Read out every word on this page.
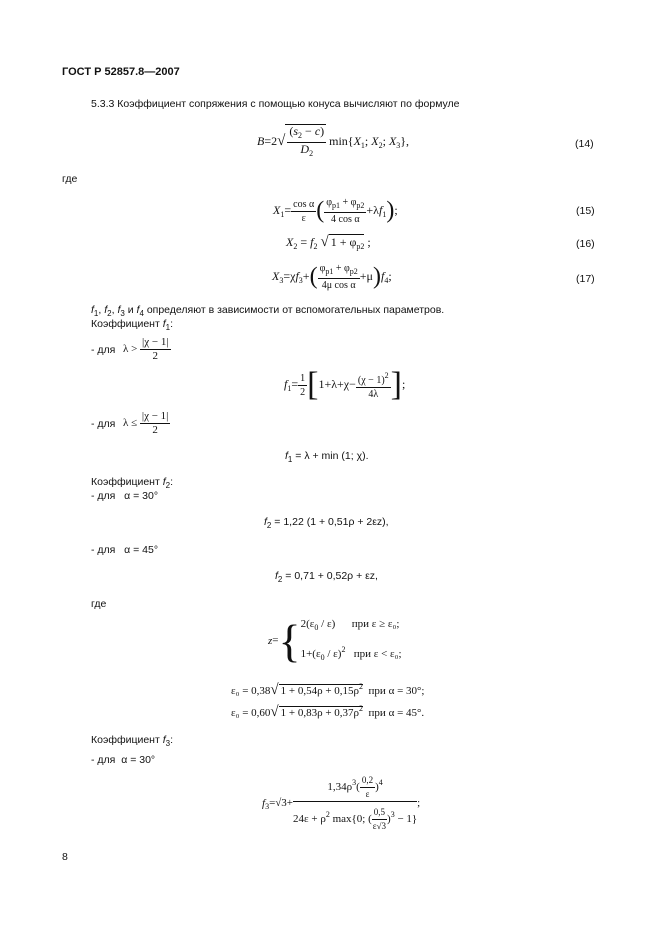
ГОСТ Р 52857.8—2007
5.3.3 Коэффициент сопряжения с помощью конуса вычисляют по формуле
$B=2√ \frac{(s_2 - c)}{D_2} \min\{X_1$; $X_2$; $X_3$},	(14)
где
$X_1= \frac{\text{cos α}}{\varepsilon}$ ( $\frac{\varphi_{p1} + \varphi_{p2}}{\text{4 cos α}} +\lambda f_1$);	(15)
$X_2 = f_2$ √ $1 + \varphi_{p2}$ ;	(16)
$X_3=\chi f_3+( \frac{\varphi_{p1} + \varphi_{p2}}{\text{4μ cos α}} +\mu)f_4$;	(17)
$f_1$, $f_2$, $f_3$ и $f_4$ определяют в зависимости от вспомогательных параметров.
Коэффициент $f_1$:
- для $\lambda > \frac{|\chi - 1|}{2}$
$f_1= \frac{1}{2} [1+\lambda+\chi- \frac{(\chi - 1)^2}{4\lambda}$ ];
- для $\lambda \le \frac{|\chi - 1|}{2}$
$f_1 = \lambda + \min (1$; χ).
Коэффициент $f_2$:
- для α = 30°
$f_2 = 1,22$ (1 + 0,51ρ + 2εz),
- для α = 45°
$f_2 = 0,71 + 0,52\rho + \varepsilon z$,
где
z={ $2(\varepsilon_0 / \varepsilon)$      при ε ≥ ε₀;
$1+(\varepsilon_0 / \varepsilon)^2$ при ε < ε₀;
ε₀ = 0,38√ $1 + 0,54\rho + 0,15\rho^2$ при α = 30°;
ε₀ = 0,60√ $1 + 0,83\rho + 0,37\rho^2$ при α = 45°.
Коэффициент $f_3$:
- для α = 30°
$f_3=√3+ \frac{1,34\rho^3( \frac{0,2}{\varepsilon} )^4}{24\varepsilon + \rho^2 \max\{0; ( \frac{0,5}{\varepsilon√3} )^3 - 1\}}$ ;
8
